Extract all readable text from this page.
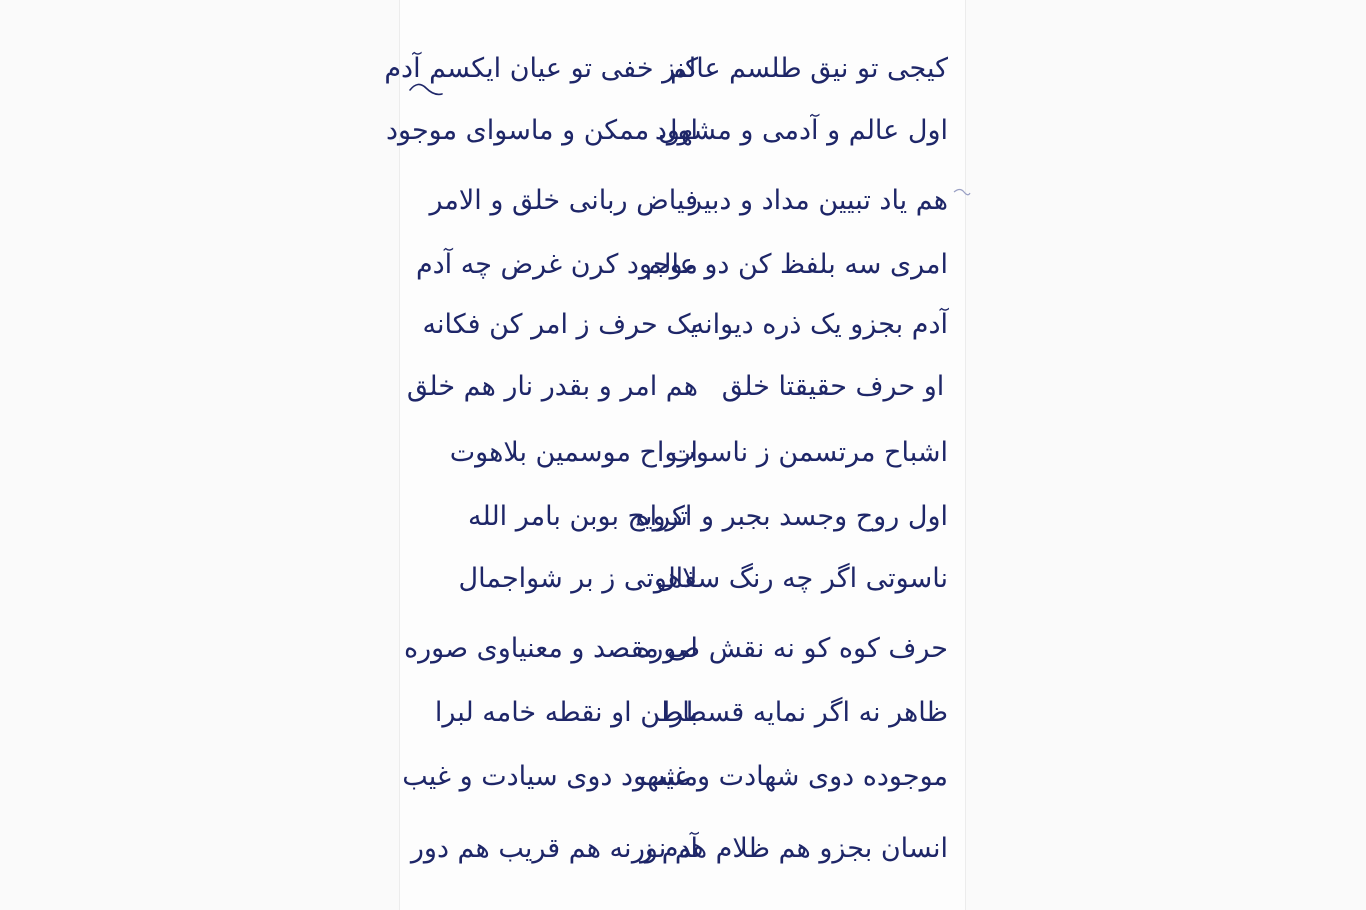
کیجی تو نیق طلسم عالم
کنز خفی تو عیان ایکسم آدم
اول عالم و آدمی و مشهود
اول ممکن و ماسوای موجود
هم یاد تبیین مداد و دبیر
فیاض ربانی خلق و الامر
امری سه بلفظ کن دو عالم
موجود کرن غرض چه آدم
آدم بجزو یک ذره دیوانه
یک حرف ز امر کن فکانه
او حرف حقیقتا خلق
هم امر و بقدر نار هم خلق
اشباح مرتسمن ز ناسوت
ارواح موسمین بلاهوت
اول روح وجسد بجبر و اکراه
تزویج بوبن بامر الله
ناسوتی اگر چه رنگ سفال
لاهوتی ز بر شواجمال
حرف کوه کو نه نقش صوره
لی مقصد و معنیاوی صوره
ظاهر نه اگر نمایه قسطرا
باطن او نقطه خامه لبرا
موجوده دوی شهادت و غیب
مشهود دوی سیادت و غیب
انسان بجزو هم ظلام هم نور
آدم ز نه هم قریب هم دور
